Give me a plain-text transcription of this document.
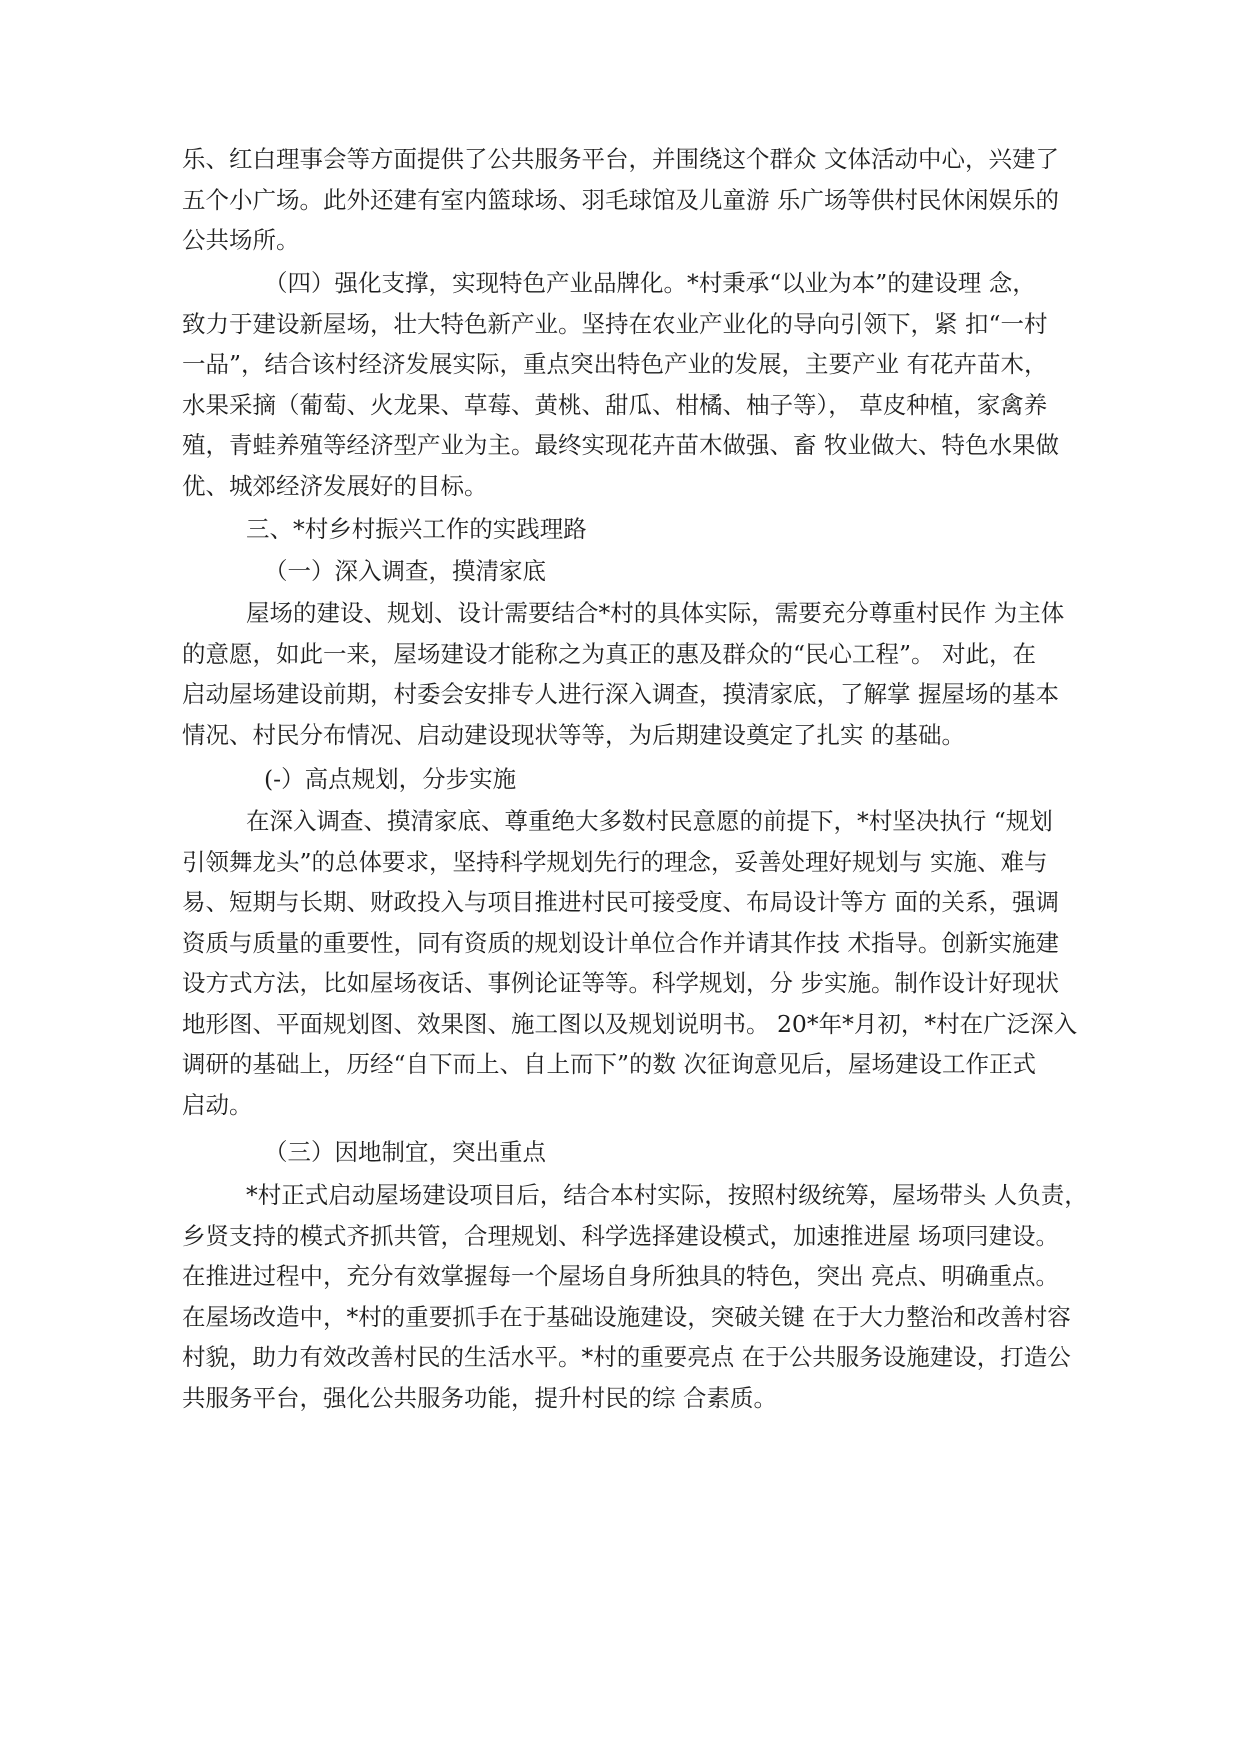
乐、红白理事会等方面提供了公共服务平台，并围绕这个群众 文体活动中心，兴建了

五个小广场。此外还建有室内篮球场、羽毛球馆及儿童游 乐广场等供村民休闲娱乐的

公共场所。

（四）强化支撑，实现特色产业品牌化。*村秉承“以业为本”的建设理 念，

致力于建设新屋场，壮大特色新产业。坚持在农业产业化的导向引领下，紧 扣“一村

一品”，结合该村经济发展实际，重点突出特色产业的发展，主要产业 有花卉苗木，

水果采摘（葡萄、火龙果、草莓、黄桃、甜瓜、柑橘、柚子等）， 草皮种植，家禽养

殖，青蛙养殖等经济型产业为主。最终实现花卉苗木做强、畜 牧业做大、特色水果做

优、城郊经济发展好的目标。

三、*村乡村振兴工作的实践理路

（一）深入调查，摸清家底

屋场的建设、规划、设计需要结合*村的具体实际，需要充分尊重村民作 为主体

的意愿，如此一来，屋场建设才能称之为真正的惠及群众的“民心工程”。 对此，在

启动屋场建设前期，村委会安排专人进行深入调查，摸清家底，了解掌 握屋场的基本

情况、村民分布情况、启动建设现状等等，为后期建设奠定了扎实 的基础。

(-）高点规划，分步实施

在深入调查、摸清家底、尊重绝大多数村民意愿的前提下，*村坚决执行 “规划

引领舞龙头”的总体要求，坚持科学规划先行的理念，妥善处理好规划与 实施、难与

易、短期与长期、财政投入与项目推进村民可接受度、布局设计等方 面的关系，强调

资质与质量的重要性，同有资质的规划设计单位合作并请其作技 术指导。创新实施建

设方式方法，比如屋场夜话、事例论证等等。科学规划，分 步实施。制作设计好现状

地形图、平面规划图、效果图、施工图以及规划说明书。 20*年*月初，*村在广泛深入

调研的基础上，历经“自下而上、自上而下”的数 次征询意见后，屋场建设工作正式

启动。

（三）因地制宜，突出重点

*村正式启动屋场建设项目后，结合本村实际，按照村级统筹，屋场带头 人负责，

乡贤支持的模式齐抓共管，合理规划、科学选择建设模式，加速推进屋 场项冃建设。

在推进过程中，充分有效掌握每一个屋场自身所独具的特色，突出 亮点、明确重点。

在屋场改造中，*村的重要抓手在于基础设施建设，突破关键 在于大力整治和改善村容

村貌，助力有效改善村民的生活水平。*村的重要亮点 在于公共服务设施建设，打造公

共服务平台，强化公共服务功能，提升村民的综 合素质。
